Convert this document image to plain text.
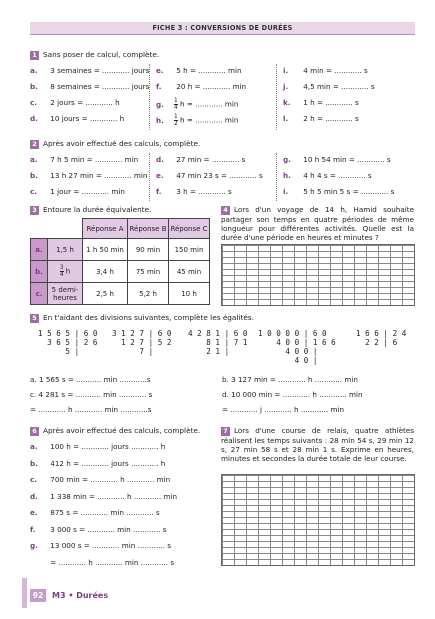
FICHE 3 : CONVERSIONS DE DURÉES
1 Sans poser de calcul, complète.
a. 3 semaines = ............ jours
b. 8 semaines = ............ jours
c. 2 jours = ............ h
d. 10 jours = ............ h
e. 5 h = ............ min
f. 20 h = ............ min
g. $\frac{1}{4}$ h = ............ min
h. $\frac{1}{2}$ h = ............ min
i. 4 min = ............ s
j. 4,5 min = ............ s
k. 1 h = ............ s
l. 2 h = ............ s
2 Après avoir effectué des calculs, complète.
a. 7 h 5 min = ............ min
b. 13 h 27 min = ............ min
c. 1 jour = ............ min
d. 27 min = ............ s
e. 47 min 23 s = ............ s
f. 3 h = ............ s
g. 10 h 54 min = ............ s
h. 4 h 4 s = ............ s
i. 5 h 5 min 5 s = ............ s
3 Entoure la durée équivalente.
		Réponse A	Réponse B	Réponse C
a.	1,5 h	1 h 50 min	90 min	150 min
b.	$\frac{3}{4}$ h	3,4 h	75 min	45 min
c.	5 demi-heures	2,5 h	5,2 h	10 h
4 Lors d'un voyage de 14 h, Hamid souhaite partager son temps en quatre périodes de même longueur pour différentes activités. Quelle est la durée d'une période en heures et minutes ?
5 En t'aidant des divisions suivantes, complète les égalités.
1 5 6 5 | 6 0
3 6 5 | 2 6
5 |
3 1 2 7 | 6 0
1 2 7 | 5 2
7 |
4 2 8 1 | 6 0
8 1 | 7 1
2 1 |
1 0 0 0 0 | 6 0
4 0 0 | 1 6 6
4 0 0 |
4 0 |
1 6 6 | 2 4
2 2 | 6

a. 1 565 s = ........... min ............s
c. 4 281 s = ........... min ............ s
= ............ h ............ min ............s
b. 3 127 min = ............ h ............ min
d. 10 000 min = ............ h ............ min
= ............ j ............ h ............ min
6 Après avoir effectué des calculs, complète.
a. 100 h = ............ jours ............ h
b. 412 h = ............ jours ............ h
c. 700 min = ............ h ............ min
d. 1 338 min = ............ h ............ min
e. 875 s = ............ min ............ s
f. 3 000 s = ............ min ............ s
g. 13 000 s = ............ min ............ s
= ............ h ............ min ............ s
7 Lors d'une course de relais, quatre athlètes réalisent les temps suivants : 28 min 54 s, 29 min 12 s, 27 min 58 s et 28 min 1 s. Exprime en heures, minutes et secondes la durée totale de leur course.
92	M3 • Durées
